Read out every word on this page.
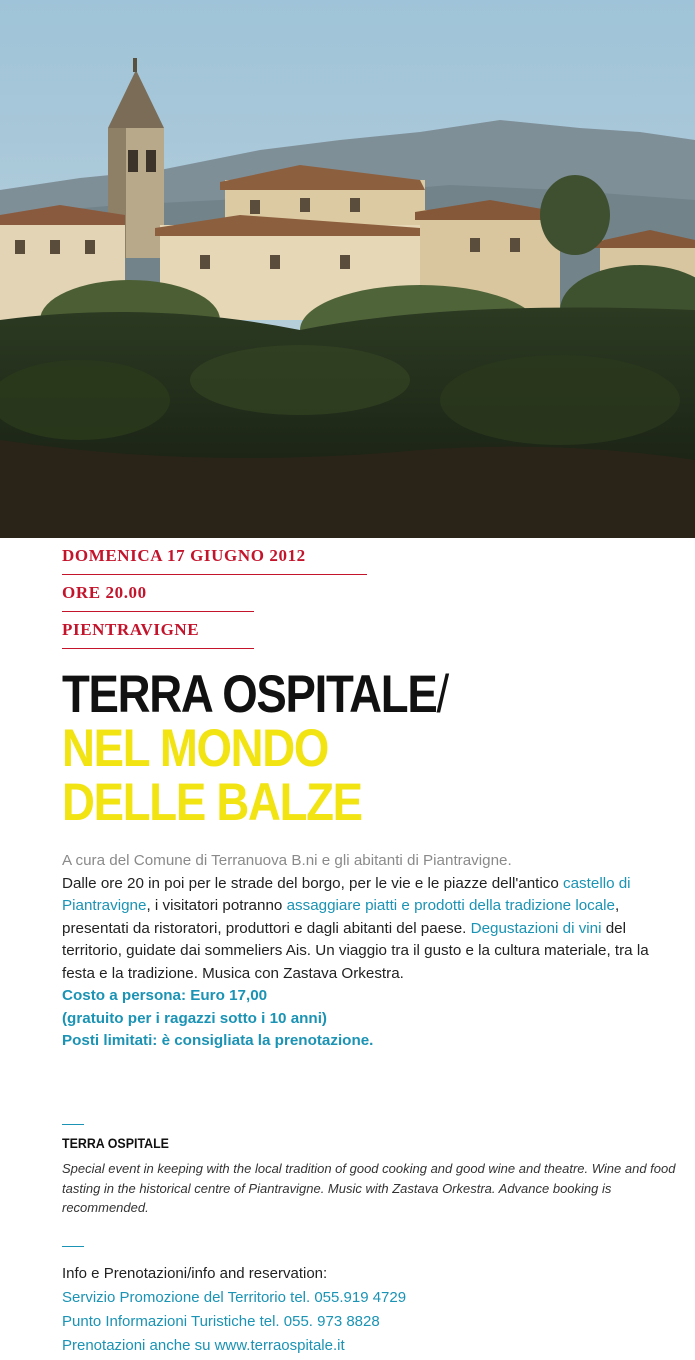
DOMENICA 17 GIUGNO 2012
ORE 20.00
PIENTRAVIGNE
TERRA OSPITALE/
NEL MONDO
DELLE BALZE

A cura del Comune di Terranuova B.ni e gli abitanti di Piantravigne.

Dalle ore 20 in poi per le strade del borgo, per le vie e le piazze dell'antico castello di Piantravigne, i visitatori potranno assaggiare piatti e prodotti della tradizione locale, presentati da ristoratori, produttori e dagli abitanti del paese. Degustazioni di vini del territorio, guidate dai sommeliers Ais. Un viaggio tra il gusto e la cultura materiale, tra la festa e la tradizione. Musica con Zastava Orkestra.

Costo a persona: Euro 17,00

(gratuito per i ragazzi sotto i 10 anni)

Posti limitati: è consigliata la prenotazione.

TERRA OSPITALE
Special event in keeping with the local tradition of good cooking and good wine and theatre. Wine and food tasting in the historical centre of Piantravigne. Music with Zastava Orkestra. Advance booking is recommended.
Info e Prenotazioni/info and reservation:
Servizio Promozione del Territorio tel. 055.919 4729
Punto Informazioni Turistiche tel. 055. 973 8828
Prenotazioni anche su www.terraospitale.it
